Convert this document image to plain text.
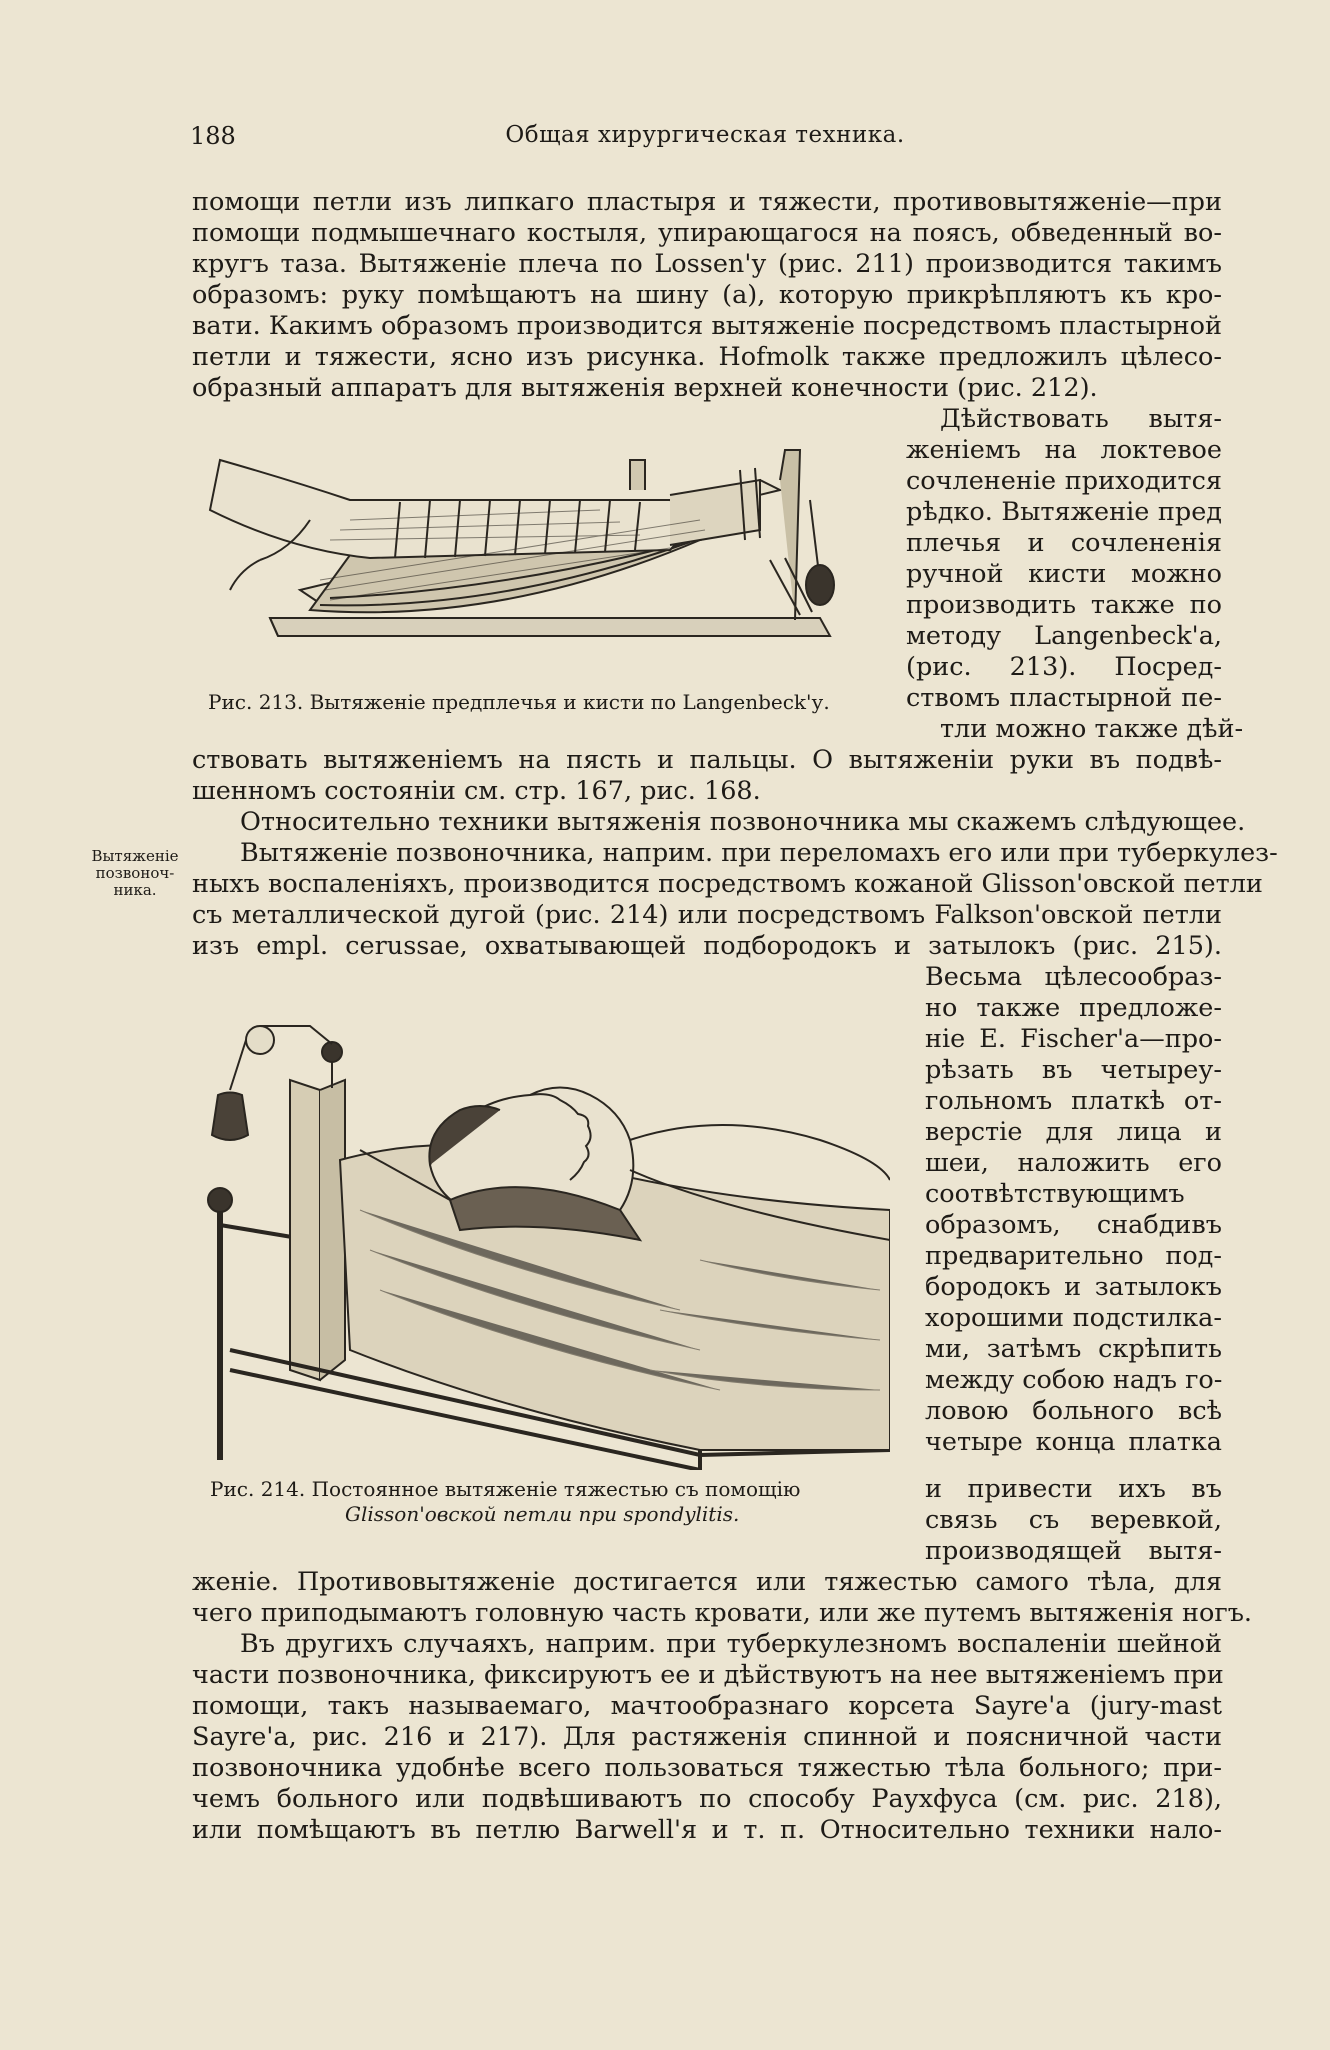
188	Общая хирургическая техника.
Вытяженіе
позвоноч-
ника.
Рис. 213. Вытяженіе предплечья и кисти по Langenbeck'у.
Рис. 214. Постоянное вытяженіе тяжестью съ помощію
Glisson'овской петли при spondylitis.
помощи петли изъ липкаго пластыря и тяжести, противовытяженіе—при
помощи подмышечнаго костыля, упирающагося на поясъ, обведенный во-
кругъ таза. Вытяженіе плеча по Lossen'у (рис. 211) производится такимъ
образомъ: руку помѣщаютъ на шину (а), которую прикрѣпляютъ къ кро-
вати. Какимъ образомъ производится вытяженіе посредствомъ пластырной
петли и тяжести, ясно изъ рисунка. Hofmolk также предложилъ цѣлесо-
образный аппаратъ для вытяженія верхней конечности (рис. 212).
Дѣйствовать вытя-
женіемъ на локтевое
сочлененіе приходится
рѣдко. Вытяженіе пред
плечья и сочлененія
ручной кисти можно
производить также по
методу Langenbeck'a,
(рис. 213). Посред-
ствомъ пластырной пе-
тли можно также дѣй-
ствовать вытяженіемъ на пясть и пальцы. О вытяженіи руки въ подвѣ-
шенномъ состояніи см. стр. 167, рис. 168.
Относительно техники вытяженія позвоночника мы скажемъ слѣдующее.
Вытяженіе позвоночника, наприм. при переломахъ его или при туберкулез-
ныхъ воспаленіяхъ, производится посредствомъ кожаной Glisson'овской петли
съ металлической дугой (рис. 214) или посредствомъ Falkson'овской петли
изъ empl. cerussae, охватывающей подбородокъ и затылокъ (рис. 215).
Весьма цѣлесообраз-
но также предложе-
ніе E. Fischer'a—про-
рѣзать въ четыреу-
гольномъ платкѣ от-
верстіе для лица и
шеи, наложить его
соотвѣтствующимъ
образомъ, снабдивъ
предварительно под-
бородокъ и затылокъ
хорошими подстилка-
ми, затѣмъ скрѣпить
между собою надъ го-
ловою больного всѣ
четыре конца платка
и привести ихъ въ
связь съ веревкой,
производящей вытя-
женіе. Противовытяженіе достигается или тяжестью самого тѣла, для
чего приподымаютъ головную часть кровати, или же путемъ вытяженія ногъ.
Въ другихъ случаяхъ, наприм. при туберкулезномъ воспаленіи шейной
части позвоночника, фиксируютъ ее и дѣйствуютъ на нее вытяженіемъ при
помощи, такъ называемаго, мачтообразнаго корсета Sayre'a (jury-mast
Sayre'a, рис. 216 и 217). Для растяженія спинной и поясничной части
позвоночника удобнѣе всего пользоваться тяжестью тѣла больного; при-
чемъ больного или подвѣшиваютъ по способу Рауxфуса (см. рис. 218),
или помѣщаютъ въ петлю Barwell'я и т. п. Относительно техники нало-
